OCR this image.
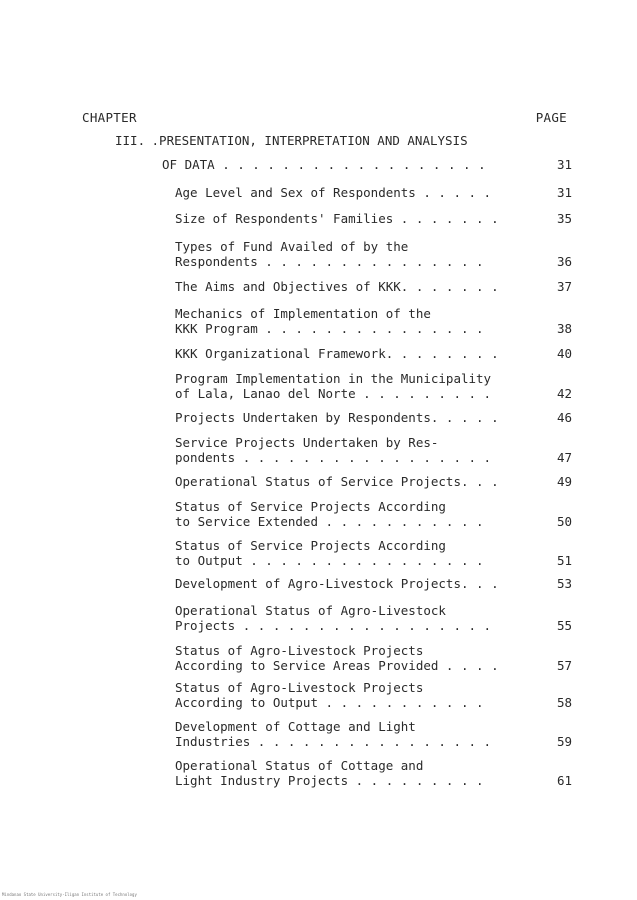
CHAPTER	PAGE
III. .PRESENTATION, INTERPRETATION AND ANALYSIS
OF DATA . . . . . . . . . . . . . . . . . .	31
Age Level and Sex of Respondents . . . . .	31
Size of Respondents' Families . . . . . . .	35
Types of Fund Availed of by the
Respondents . . . . . . . . . . . . . . .	36
The Aims and Objectives of KKK. . . . . . .	37
Mechanics of Implementation of the
KKK Program . . . . . . . . . . . . . . .	38
KKK Organizational Framework. . . . . . . .	40
Program Implementation in the Municipality
of Lala, Lanao del Norte . . . . . . . . .	42
Projects Undertaken by Respondents. . . . .	46
Service Projects Undertaken by Res-
pondents . . . . . . . . . . . . . . . . .	47
Operational Status of Service Projects. . .	49
Status of Service Projects According
to Service Extended . . . . . . . . . . .	50
Status of Service Projects According
to Output . . . . . . . . . . . . . . . .	51
Development of Agro-Livestock Projects. . .	53
Operational Status of Agro-Livestock
Projects . . . . . . . . . . . . . . . . .	55
Status of Agro-Livestock Projects
According to Service Areas Provided . . . .	57
Status of Agro-Livestock Projects
According to Output . . . . . . . . . . .	58
Development of Cottage and Light
Industries . . . . . . . . . . . . . . . .	59
Operational Status of Cottage and
Light Industry Projects . . . . . . . . .	61
Mindanao State University-Iligan Institute of Technology
